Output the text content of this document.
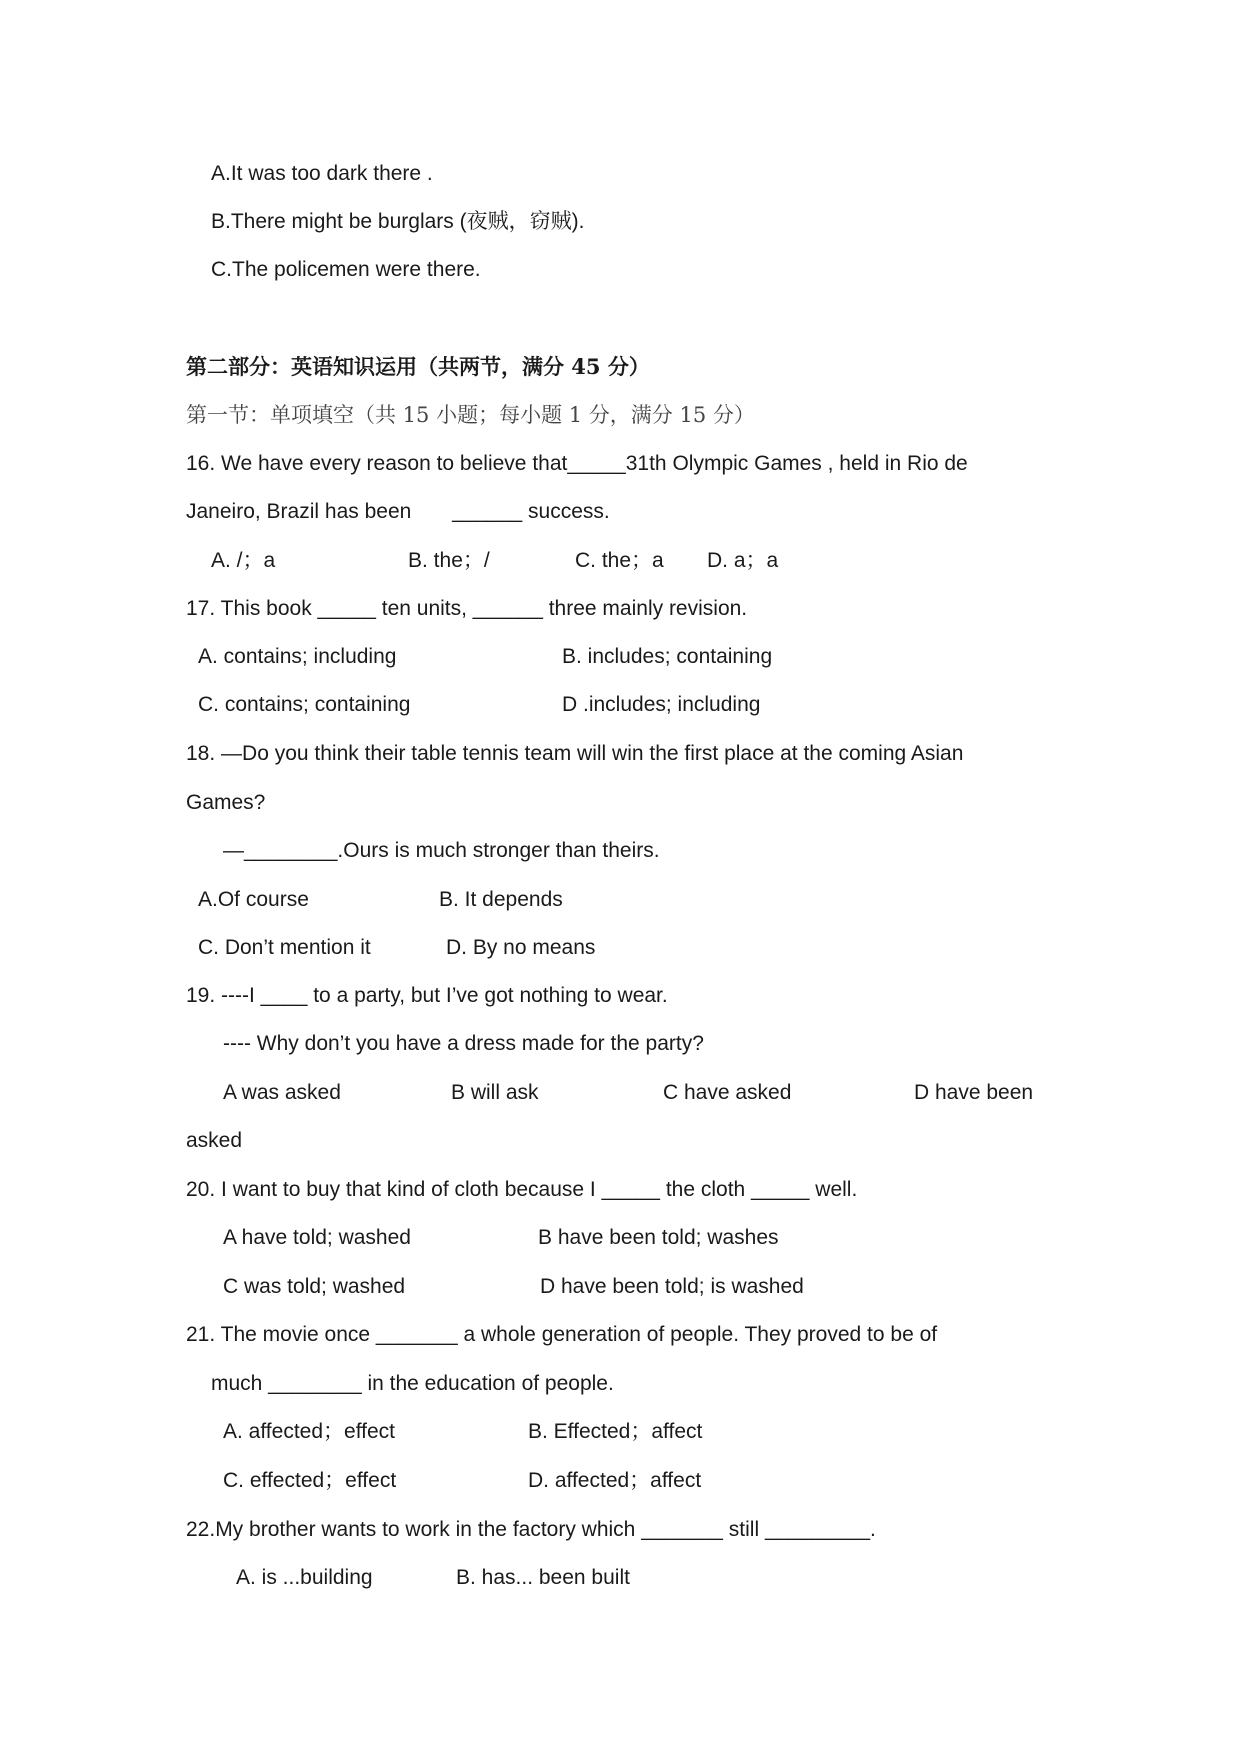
A.It was too dark there .
B.There might be burglars (夜贼，窃贼).
C.The policemen were there.
第二部分：英语知识运用（共两节，满分 45 分）
第一节：单项填空（共 15 小题；每小题 1 分，满分 15 分）
16. We have every reason to believe that_____31th Olympic Games , held in Rio de
Janeiro, Brazil has been       ______ success.
A. /；a	B. the；/	C. the；a D. a；a
17. This book _____ ten units, ______ three mainly revision.
A. contains; including	B. includes; containing
C. contains; containing	D .includes; including
18. —Do you think their table tennis team will win the first place at the coming Asian
Games?
—________.Ours is much stronger than theirs.
A.Of course	B. It depends
C. Don’t mention it	D. By no means
19. ----I ____ to a party, but I’ve got nothing to wear.
---- Why don’t you have a dress made for the party?
A was asked	B will ask	C have asked	D have been
asked
20. I want to buy that kind of cloth because I _____ the cloth _____ well.
A have told; washed	B have been told; washes
C was told; washed	D have been told; is washed
21. The movie once _______ a whole generation of people. They proved to be of
much ________ in the education of people.
A. affected；effect	B. Effected；affect
C. effected；effect	D. affected；affect
22.My brother wants to work in the factory which _______ still _________.
A. is ...building	B. has... been built
